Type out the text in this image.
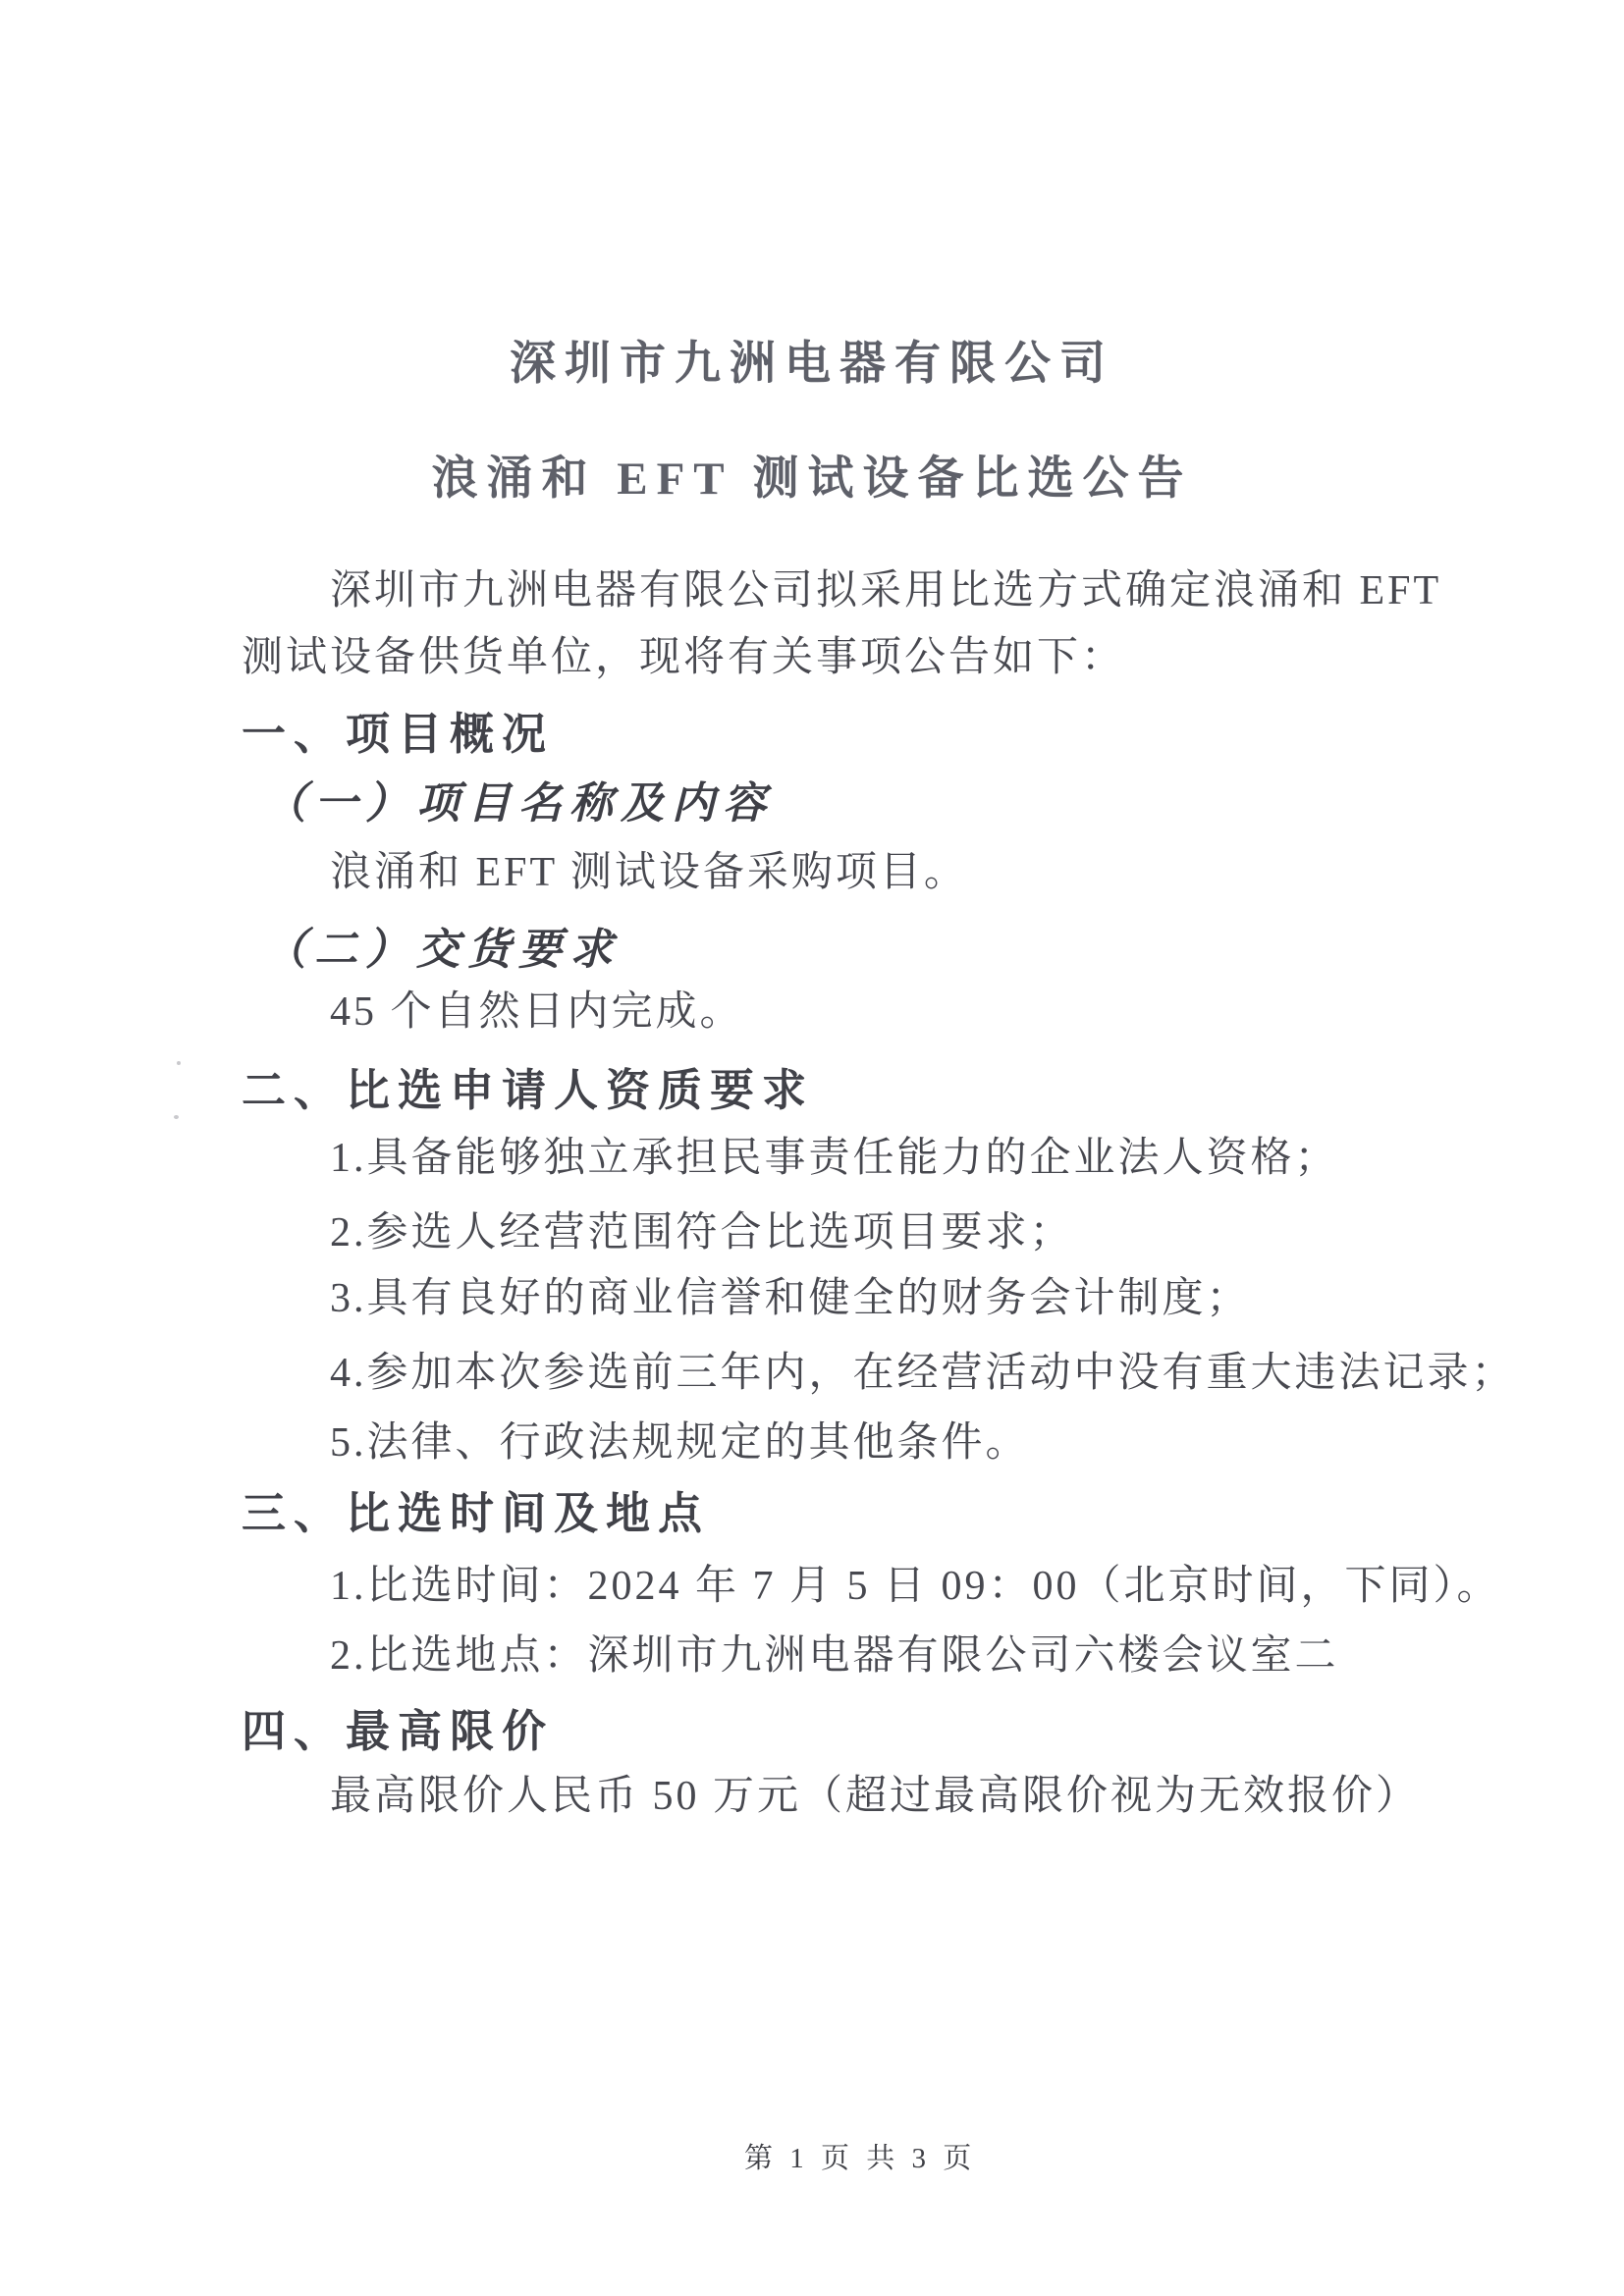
深圳市九洲电器有限公司
浪涌和 EFT 测试设备比选公告
深圳市九洲电器有限公司拟采用比选方式确定浪涌和 EFT
测试设备供货单位，现将有关事项公告如下：
一、项目概况
（一）项目名称及内容
浪涌和 EFT 测试设备采购项目。
（二）交货要求
45 个自然日内完成。
二、比选申请人资质要求
1.具备能够独立承担民事责任能力的企业法人资格；
2.参选人经营范围符合比选项目要求；
3.具有良好的商业信誉和健全的财务会计制度；
4.参加本次参选前三年内，在经营活动中没有重大违法记录；
5.法律、行政法规规定的其他条件。
三、比选时间及地点
1.比选时间：2024 年 7 月 5 日 09：00（北京时间，下同）。
2.比选地点：深圳市九洲电器有限公司六楼会议室二
四、最高限价
最高限价人民币 50 万元（超过最高限价视为无效报价）
第 1 页 共 3 页
